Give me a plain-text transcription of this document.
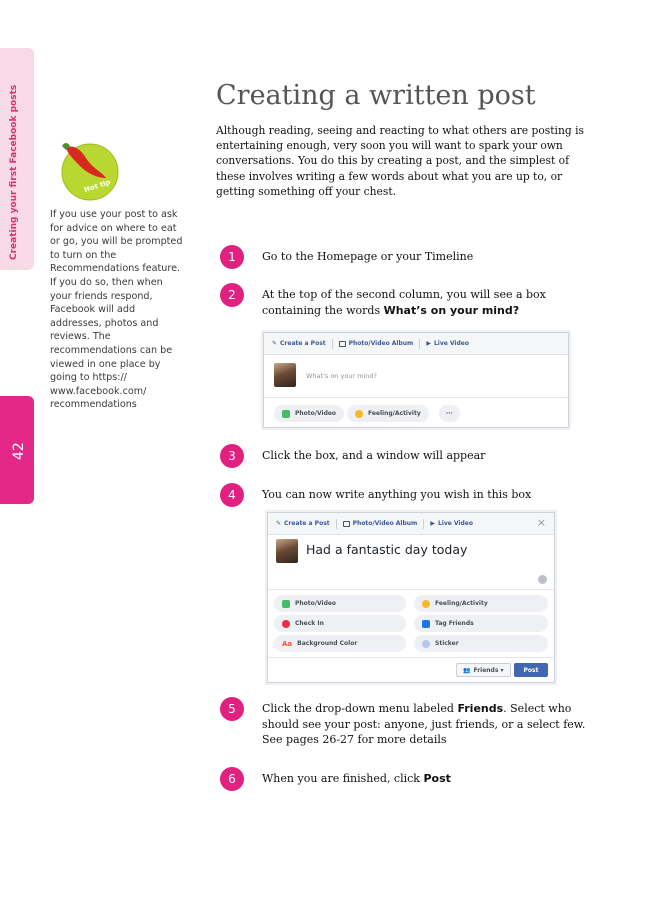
Creating your first Facebook posts
42
Hot tip
If you use your post to ask for advice on where to eat or go, you will be prompted to turn on the Recommendations feature. If you do so, then when your friends respond, Facebook will add addresses, photos and reviews. The recommendations can be viewed in one place by going to https:// www.facebook.com/ recommendations
Creating a written post
Although reading, seeing and reacting to what others are posting is entertaining enough, very soon you will want to spark your own conversations. You do this by creating a post, and the simplest of these involves writing a few words about what you are up to, or getting something off your chest.
1	Go to the Homepage or your Timeline
2	At the top of the second column, you will see a box containing the words What’s on your mind?
✎ Create a Post	Photo/Video Album ▶ Live Video
What's on your mind?
Photo/Video	Feeling/Activity	···
3	Click the box, and a window will appear
4	You can now write anything you wish in this box
✎ Create a Post	Photo/Video Album ▶ Live Video	×
Had a fantastic day today
Photo/Video	Feeling/Activity
Check In	Tag Friends
Aa Background Color	Sticker
👥 Friends ▾	Post
5	Click the drop-down menu labeled Friends. Select who should see your post: anyone, just friends, or a select few. See pages 26-27 for more details
6	When you are finished, click Post
